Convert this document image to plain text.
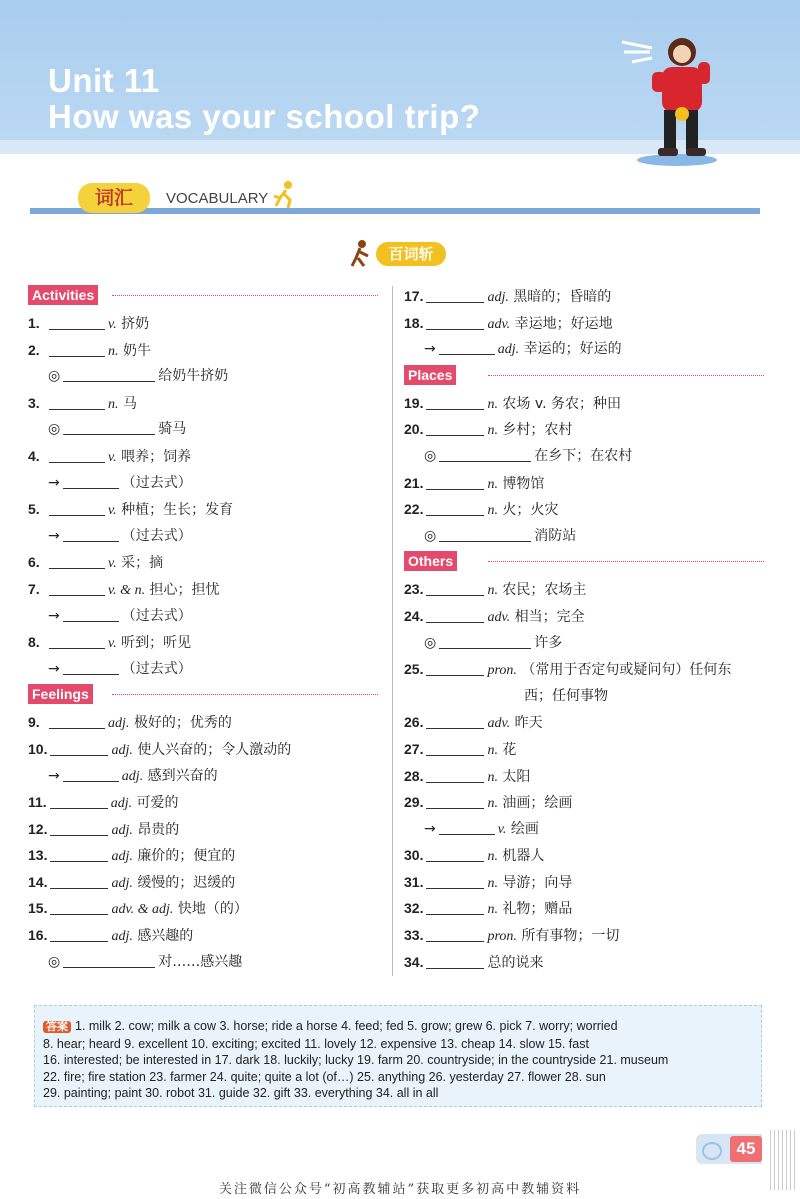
Unit 11
How was your school trip?
词汇	VOCABULARY
百词斩
Activities
1.	v. 挤奶
2.	n. 奶牛
◎	给奶牛挤奶
3.	n. 马
◎	骑马
4.	v. 喂养；饲养
→	（过去式）
5.	v. 种植；生长；发育
→	（过去式）
6.	v. 采；摘
7.	v. & n. 担心；担忧
→	（过去式）
8.	v. 听到；听见
→	（过去式）
Feelings
9.	adj. 极好的；优秀的
10.	adj. 使人兴奋的；令人激动的
→	adj. 感到兴奋的
11.	adj. 可爱的
12.	adj. 昂贵的
13.	adj. 廉价的；便宜的
14.	adj. 缓慢的；迟缓的
15.	adv. & adj. 快地（的）
16.	adj. 感兴趣的
◎	对……感兴趣
17.	adj. 黑暗的；昏暗的
18.	adv. 幸运地；好运地
→	adj. 幸运的；好运的
Places
19.	n. 农场 v. 务农；种田
20.	n. 乡村；农村
◎	在乡下；在农村
21.	n. 博物馆
22.	n. 火；火灾
◎	消防站
Others
23.	n. 农民；农场主
24.	adv. 相当；完全
◎	许多
25.	pron. （常用于否定句或疑问句）任何东
西；任何事物
26.	adv. 昨天
27.	n. 花
28.	n. 太阳
29.	n. 油画；绘画
→	v. 绘画
30.	n. 机器人
31.	n. 导游；向导
32.	n. 礼物；赠品
33.	pron. 所有事物；一切
34.	总的说来
答案 1. milk 2. cow; milk a cow 3. horse; ride a horse 4. feed; fed 5. grow; grew 6. pick 7. worry; worried
8. hear; heard 9. excellent 10. exciting; excited 11. lovely 12. expensive 13. cheap 14. slow 15. fast
16. interested; be interested in 17. dark 18. luckily; lucky 19. farm 20. countryside; in the countryside 21. museum
22. fire; fire station 23. farmer 24. quite; quite a lot (of…) 25. anything 26. yesterday 27. flower 28. sun
29. painting; paint 30. robot 31. guide 32. gift 33. everything 34. all in all
45
关注微信公众号“初高教辅站”获取更多初高中教辅资料
